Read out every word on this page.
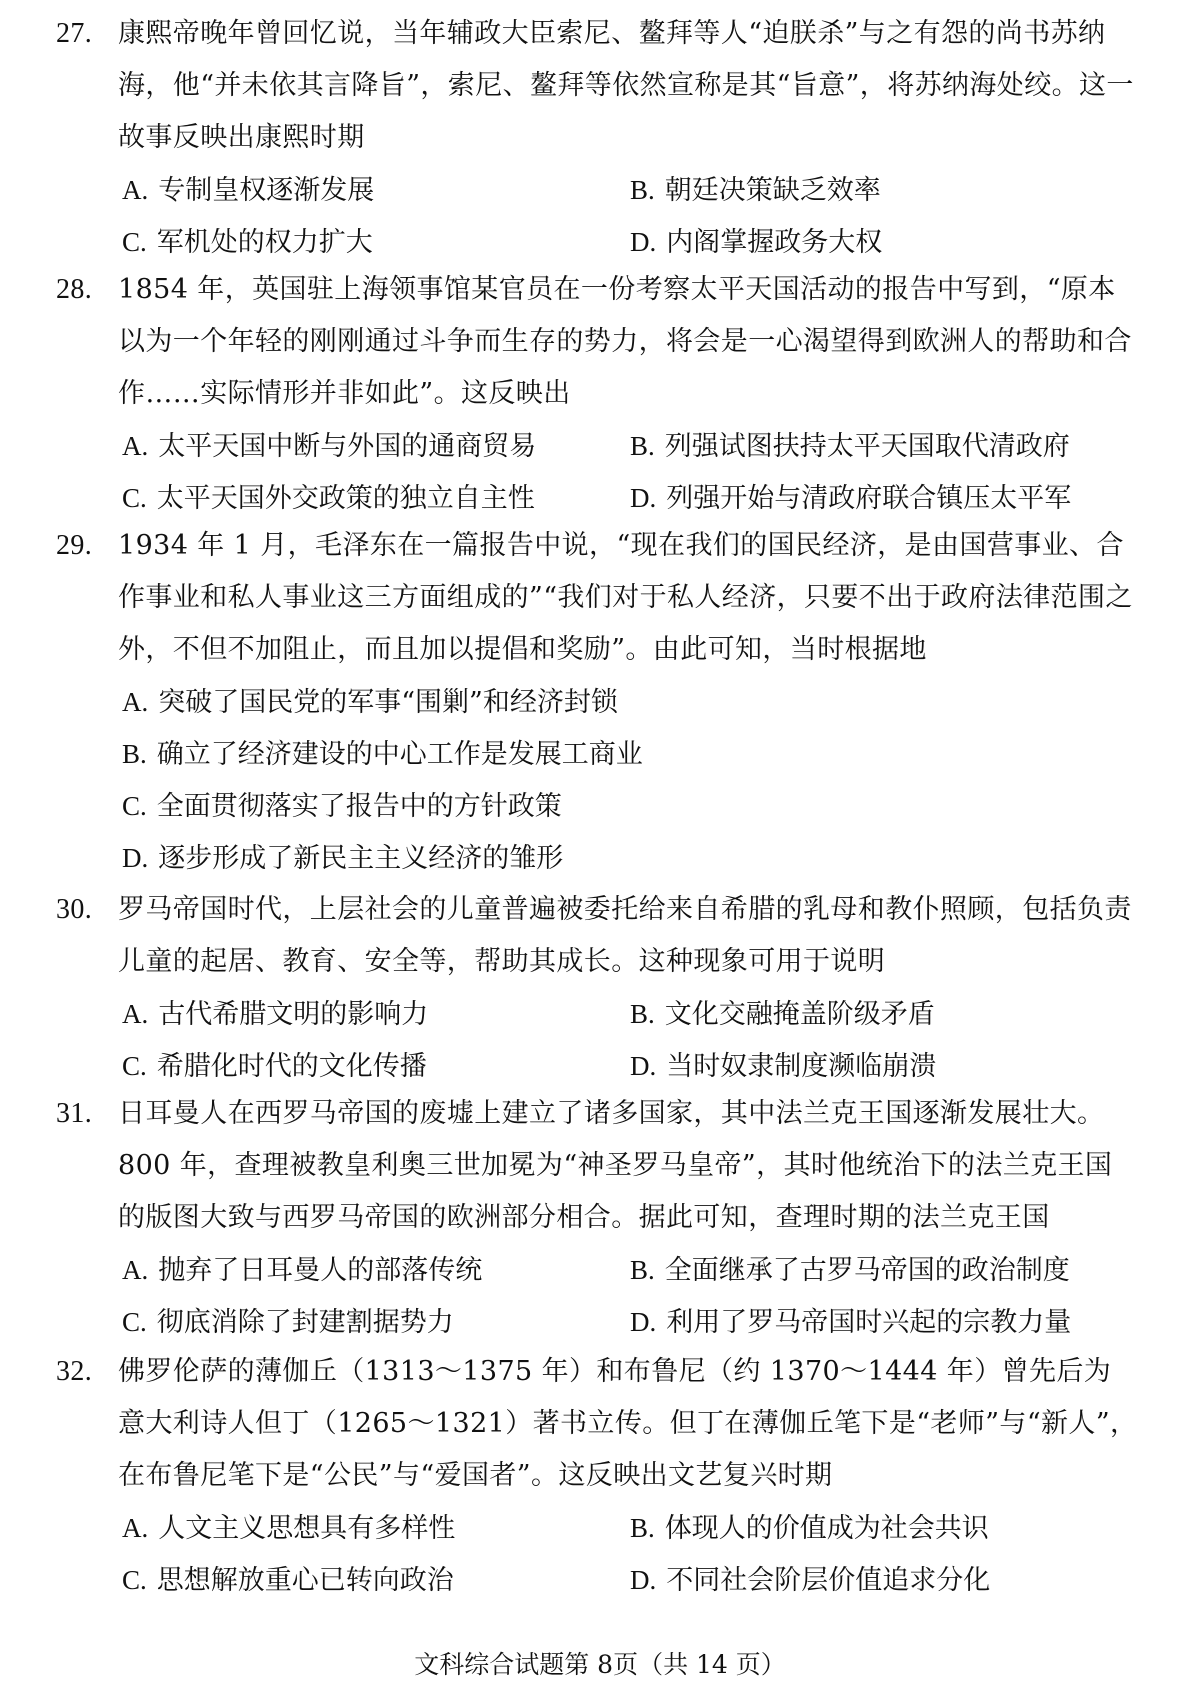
27. 康熙帝晚年曾回忆说，当年辅政大臣索尼、鳌拜等人“迫朕杀”与之有怨的尚书苏纳海，他“并未依其言降旨”，索尼、鳌拜等依然宣称是其“旨意”，将苏纳海处绞。这一故事反映出康熙时期
A. 专制皇权逐渐发展	B. 朝廷决策缺乏效率
C. 军机处的权力扩大	D. 内阁掌握政务大权
28. 1854 年，英国驻上海领事馆某官员在一份考察太平天国活动的报告中写到，“原本以为一个年轻的刚刚通过斗争而生存的势力，将会是一心渴望得到欧洲人的帮助和合作……实际情形并非如此”。这反映出
A. 太平天国中断与外国的通商贸易	B. 列强试图扶持太平天国取代清政府
C. 太平天国外交政策的独立自主性	D. 列强开始与清政府联合镇压太平军
29. 1934 年 1 月，毛泽东在一篇报告中说，“现在我们的国民经济，是由国营事业、合作事业和私人事业这三方面组成的”“我们对于私人经济，只要不出于政府法律范围之外，不但不加阻止，而且加以提倡和奖励”。由此可知，当时根据地
A. 突破了国民党的军事“围剿”和经济封锁
B. 确立了经济建设的中心工作是发展工商业
C. 全面贯彻落实了报告中的方针政策
D. 逐步形成了新民主主义经济的雏形
30. 罗马帝国时代，上层社会的儿童普遍被委托给来自希腊的乳母和教仆照顾，包括负责儿童的起居、教育、安全等，帮助其成长。这种现象可用于说明
A. 古代希腊文明的影响力	B. 文化交融掩盖阶级矛盾
C. 希腊化时代的文化传播	D. 当时奴隶制度濒临崩溃
31. 日耳曼人在西罗马帝国的废墟上建立了诸多国家，其中法兰克王国逐渐发展壮大。800 年，查理被教皇利奥三世加冕为“神圣罗马皇帝”，其时他统治下的法兰克王国的版图大致与西罗马帝国的欧洲部分相合。据此可知，查理时期的法兰克王国
A. 抛弃了日耳曼人的部落传统	B. 全面继承了古罗马帝国的政治制度
C. 彻底消除了封建割据势力	D. 利用了罗马帝国时兴起的宗教力量
32. 佛罗伦萨的薄伽丘（1313～1375 年）和布鲁尼（约 1370～1444 年）曾先后为意大利诗人但丁（1265～1321）著书立传。但丁在薄伽丘笔下是“老师”与“新人”，在布鲁尼笔下是“公民”与“爱国者”。这反映出文艺复兴时期
A. 人文主义思想具有多样性	B. 体现人的价值成为社会共识
C. 思想解放重心已转向政治	D. 不同社会阶层价值追求分化
文科综合试题第 8页（共 14 页）
